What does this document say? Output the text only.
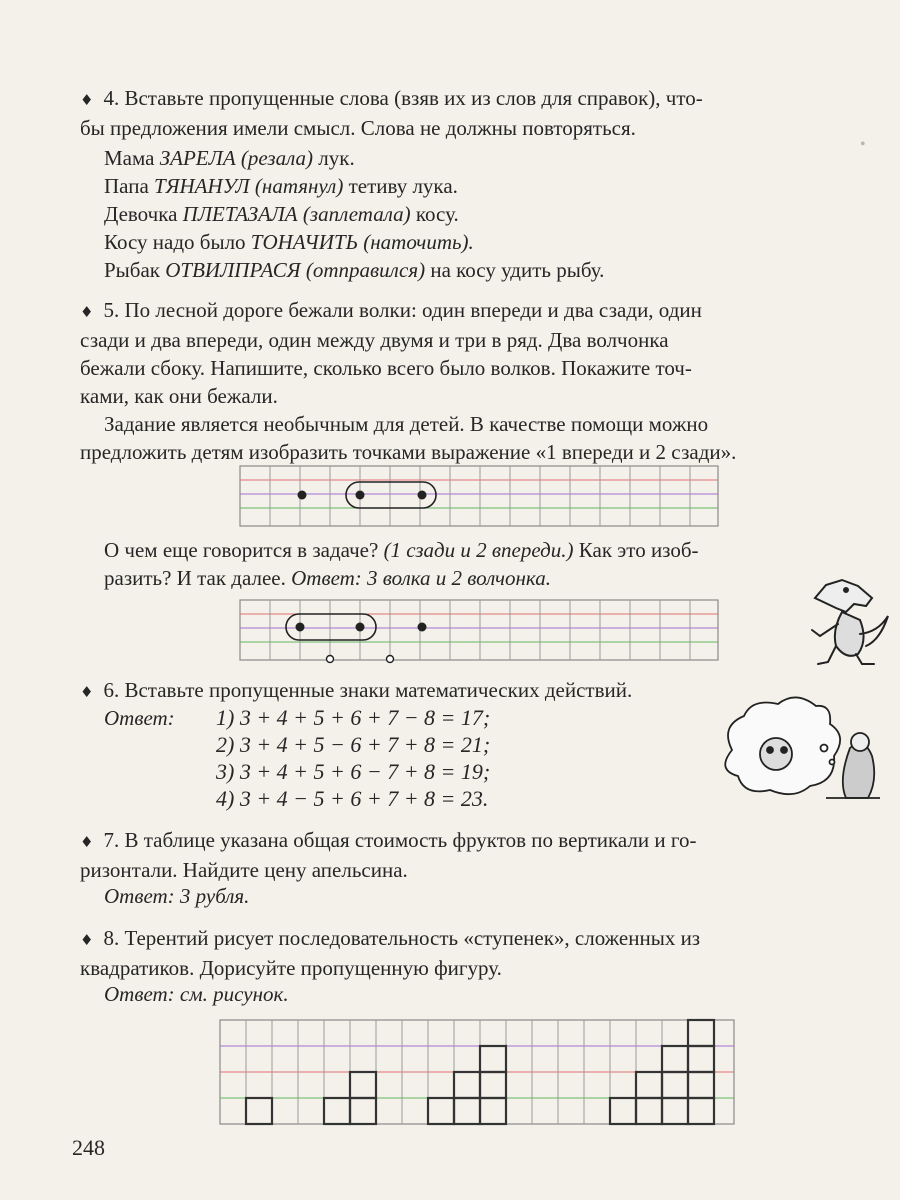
•
♦ 4. Вставьте пропущенные слова (взяв их из слов для справок), что-
бы предложения имели смысл. Слова не должны повторяться.
Мама ЗАРЕЛА (резала) лук.
Папа ТЯНАНУЛ (натянул) тетиву лука.
Девочка ПЛЕТАЗАЛА (заплетала) косу.
Косу надо было ТОНАЧИТЬ (наточить).
Рыбак ОТВИЛПРАСЯ (отправился) на косу удить рыбу.
♦ 5. По лесной дороге бежали волки: один впереди и два сзади, один
сзади и два впереди, один между двумя и три в ряд. Два волчонка
бежали сбоку. Напишите, сколько всего было волков. Покажите точ-
ками, как они бежали.
Задание является необычным для детей. В качестве помощи можно
предложить детям изобразить точками выражение «1 впереди и 2 сзади».
О чем еще говорится в задаче? (1 сзади и 2 впереди.) Как это изоб-
разить? И так далее. Ответ: 3 волка и 2 волчонка.
♦ 6. Вставьте пропущенные знаки математических действий.
Ответ: 1) 3 + 4 + 5 + 6 + 7 − 8 = 17;
2) 3 + 4 + 5 − 6 + 7 + 8 = 21;
3) 3 + 4 + 5 + 6 − 7 + 8 = 19;
4) 3 + 4 − 5 + 6 + 7 + 8 = 23.
♦ 7. В таблице указана общая стоимость фруктов по вертикали и го-
ризонтали. Найдите цену апельсина.
Ответ: 3 рубля.
♦ 8. Терентий рисует последовательность «ступенек», сложенных из
квадратиков. Дорисуйте пропущенную фигуру.
Ответ: см. рисунок.
248
